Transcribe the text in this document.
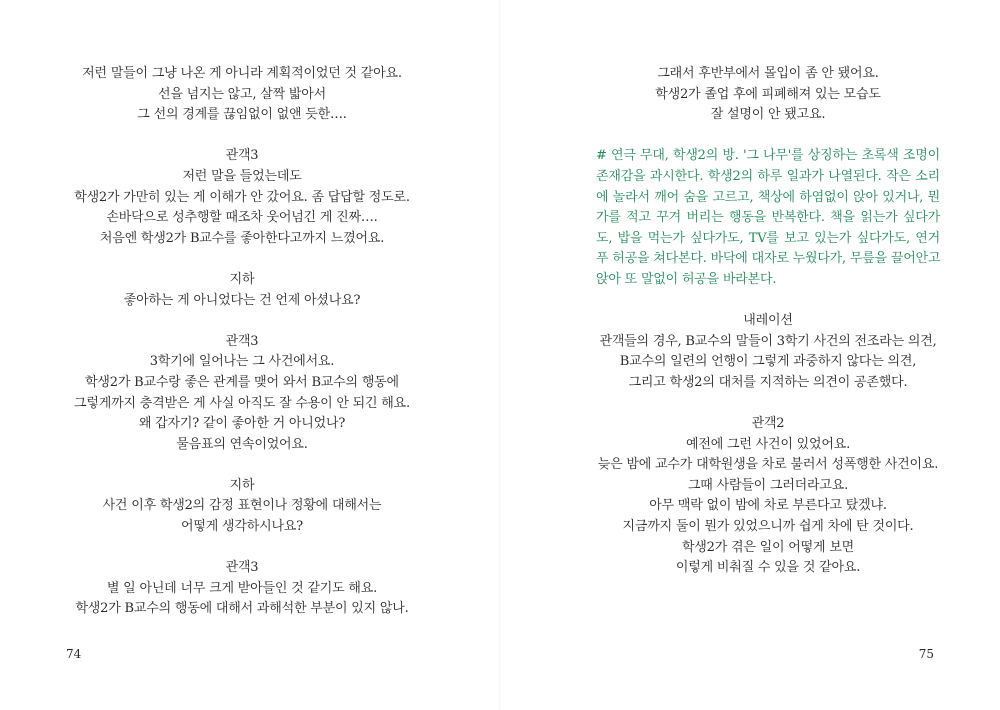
저런 말들이 그냥 나온 게 아니라 계획적이었던 것 같아요.
선을 넘지는 않고, 살짝 밟아서
그 선의 경계를 끊임없이 없앤 듯한….
관객3
저런 말을 들었는데도
학생2가 가만히 있는 게 이해가 안 갔어요. 좀 답답할 정도로.
손바닥으로 성추행할 때조차 웃어넘긴 게 진짜….
처음엔 학생2가 B교수를 좋아한다고까지 느꼈어요.
지하
좋아하는 게 아니었다는 건 언제 아셨나요?
관객3
3학기에 일어나는 그 사건에서요.
학생2가 B교수랑 좋은 관계를 맺어 와서 B교수의 행동에
그렇게까지 충격받은 게 사실 아직도 잘 수용이 안 되긴 해요.
왜 갑자기? 같이 좋아한 거 아니었나?
물음표의 연속이었어요.
지하
사건 이후 학생2의 감정 표현이나 정황에 대해서는
어떻게 생각하시나요?
관객3
별 일 아닌데 너무 크게 받아들인 것 같기도 해요.
학생2가 B교수의 행동에 대해서 과해석한 부분이 있지 않나.
74
그래서 후반부에서 몰입이 좀 안 됐어요.
학생2가 졸업 후에 피폐해져 있는 모습도
잘 설명이 안 됐고요.
# 연극 무대, 학생2의 방. '그 나무'를 상징하는 초록색 조명이
존재감을 과시한다. 학생2의 하루 일과가 나열된다. 작은 소리
에 놀라서 깨어 숨을 고르고, 책상에 하염없이 앉아 있거나, 뭔
가를 적고 꾸겨 버리는 행동을 반복한다. 책을 읽는가 싶다가
도, 밥을 먹는가 싶다가도, TV를 보고 있는가 싶다가도, 연거
푸 허공을 쳐다본다. 바닥에 대자로 누웠다가, 무릎을 끌어안고
앉아 또 말없이 허공을 바라본다.
내레이션
관객들의 경우, B교수의 말들이 3학기 사건의 전조라는 의견,
B교수의 일련의 언행이 그렇게 과중하지 않다는 의견,
그리고 학생2의 대처를 지적하는 의견이 공존했다.
관객2
예전에 그런 사건이 있었어요.
늦은 밤에 교수가 대학원생을 차로 불러서 성폭행한 사건이요.
그때 사람들이 그러더라고요.
아무 맥락 없이 밤에 차로 부른다고 탔겠냐.
지금까지 둘이 뭔가 있었으니까 쉽게 차에 탄 것이다.
학생2가 겪은 일이 어떻게 보면
이렇게 비춰질 수 있을 것 같아요.
75
